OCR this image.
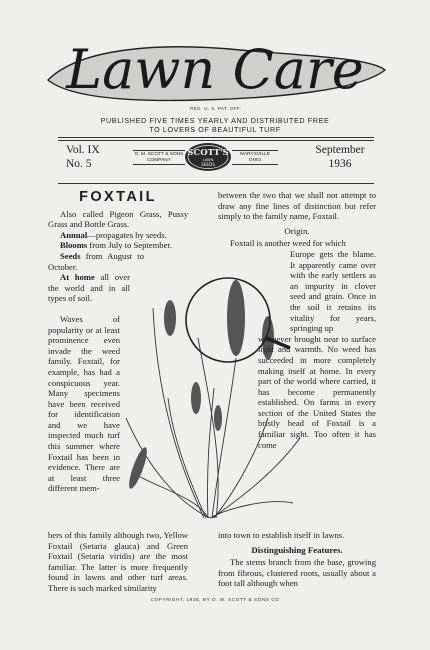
Lawn Care
REG. U. S. PAT. OFF.
PUBLISHED FIVE TIMES YEARLY AND DISTRIBUTED FREE
TO LOVERS OF BEAUTIFUL TURF
Vol. IX
No. 5
O. M. SCOTT & SONS
COMPANY
SCOTT'S
LAWN
SEEDS
MARYSVILLE
OHIO
September
1936
FOXTAIL

Also called Pigeon Grass, Pussy Grass and Bottle Grass.

Annual—propagates by seeds.

Blooms from July to September.

Seeds from August to October.

At home all over the world and in all types of soil.

Waves of popularity or at least prominence even invade the weed family. Foxtail, for example, has had a conspicuous year. Many specimens have been received for identification and we have inspected much turf this summer where Foxtail has been in evidence. There are at least three different mem-

between the two that we shall not attempt to draw any fine lines of distinction but refer simply to the family name, Foxtail.

Origin.

Foxtail is another weed for which

Europe gets the blame. It apparently came over with the early settlers as an impurity in clover seed and grain. Once in the soil it retains its vitality for years, springing up

whenever brought near to surface light and warmth. No weed has succeeded in more completely making itself at home. In every part of the world where carried, it has become permanently established. On farms in every section of the United States the bristly head of Foxtail is a familiar sight. Too often it has come

bers of this family although two, Yellow Foxtail (Setaria glauca) and Green Foxtail (Setaria viridis) are the most familiar. The latter is more frequently found in lawns and other turf areas. There is such marked similarity
into town to establish itself in lawns.
Distinguishing Features.
The stems branch from the base, growing from fibrous, clustered roots, usually about a foot tall although when
COPYRIGHT, 1936, BY O. M. SCOTT & SONS CO
